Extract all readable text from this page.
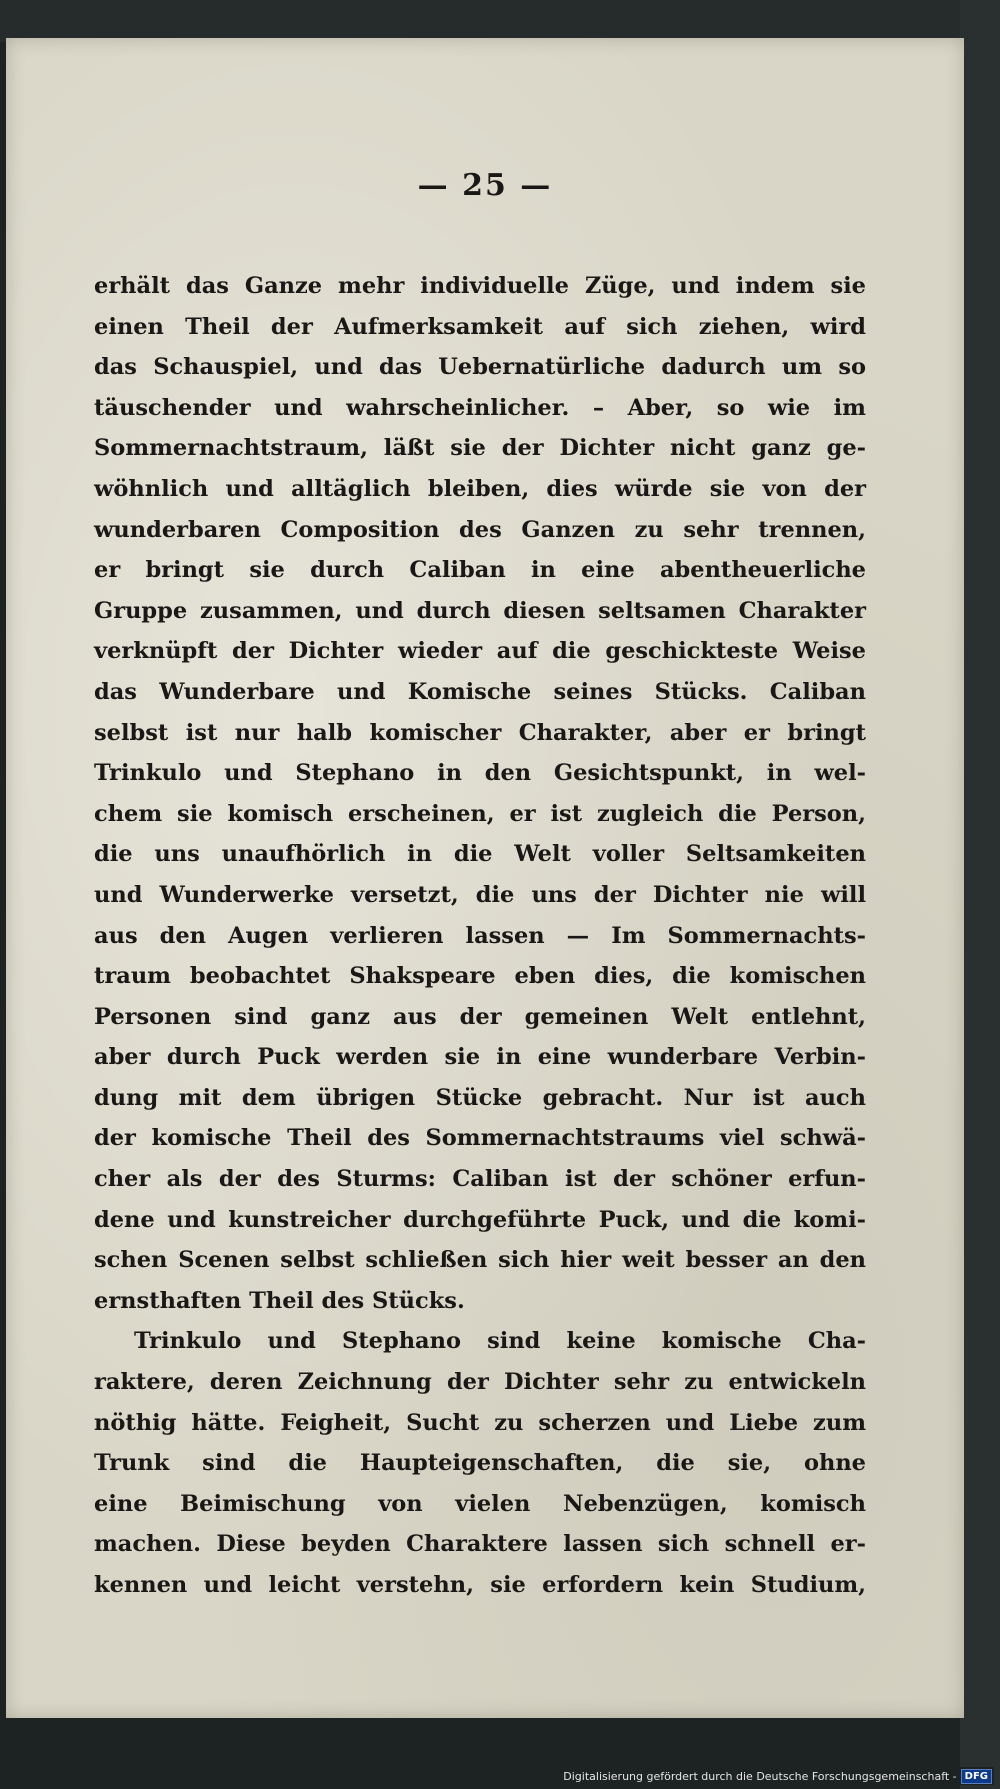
— 25 —
erhält das Ganze mehr individuelle Züge, und indem sie
einen Theil der Aufmerksamkeit auf sich ziehen, wird
das Schauspiel, und das Uebernatürliche dadurch um so
täuschender und wahrscheinlicher. – Aber, so wie im
Sommernachtstraum, läßt sie der Dichter nicht ganz ge-
wöhnlich und alltäglich bleiben, dies würde sie von der
wunderbaren Composition des Ganzen zu sehr trennen,
er bringt sie durch Caliban in eine abentheuerliche
Gruppe zusammen, und durch diesen seltsamen Charakter
verknüpft der Dichter wieder auf die geschickteste Weise
das Wunderbare und Komische seines Stücks. Caliban
selbst ist nur halb komischer Charakter, aber er bringt
Trinkulo und Stephano in den Gesichtspunkt, in wel-
chem sie komisch erscheinen, er ist zugleich die Person,
die uns unaufhörlich in die Welt voller Seltsamkeiten
und Wunderwerke versetzt, die uns der Dichter nie will
aus den Augen verlieren lassen — Im Sommernachts-
traum beobachtet Shakspeare eben dies, die komischen
Personen sind ganz aus der gemeinen Welt entlehnt,
aber durch Puck werden sie in eine wunderbare Verbin-
dung mit dem übrigen Stücke gebracht. Nur ist auch
der komische Theil des Sommernachtstraums viel schwä-
cher als der des Sturms: Caliban ist der schöner erfun-
dene und kunstreicher durchgeführte Puck, und die komi-
schen Scenen selbst schließen sich hier weit besser an den
ernsthaften Theil des Stücks.
Trinkulo und Stephano sind keine komische Cha-
raktere, deren Zeichnung der Dichter sehr zu entwickeln
nöthig hätte. Feigheit, Sucht zu scherzen und Liebe zum
Trunk sind die Haupteigenschaften, die sie, ohne
eine Beimischung von vielen Nebenzügen, komisch
machen. Diese beyden Charaktere lassen sich schnell er-
kennen und leicht verstehn, sie erfordern kein Studium,
Digitalisierung gefördert durch die Deutsche Forschungsgemeinschaft - DFG
